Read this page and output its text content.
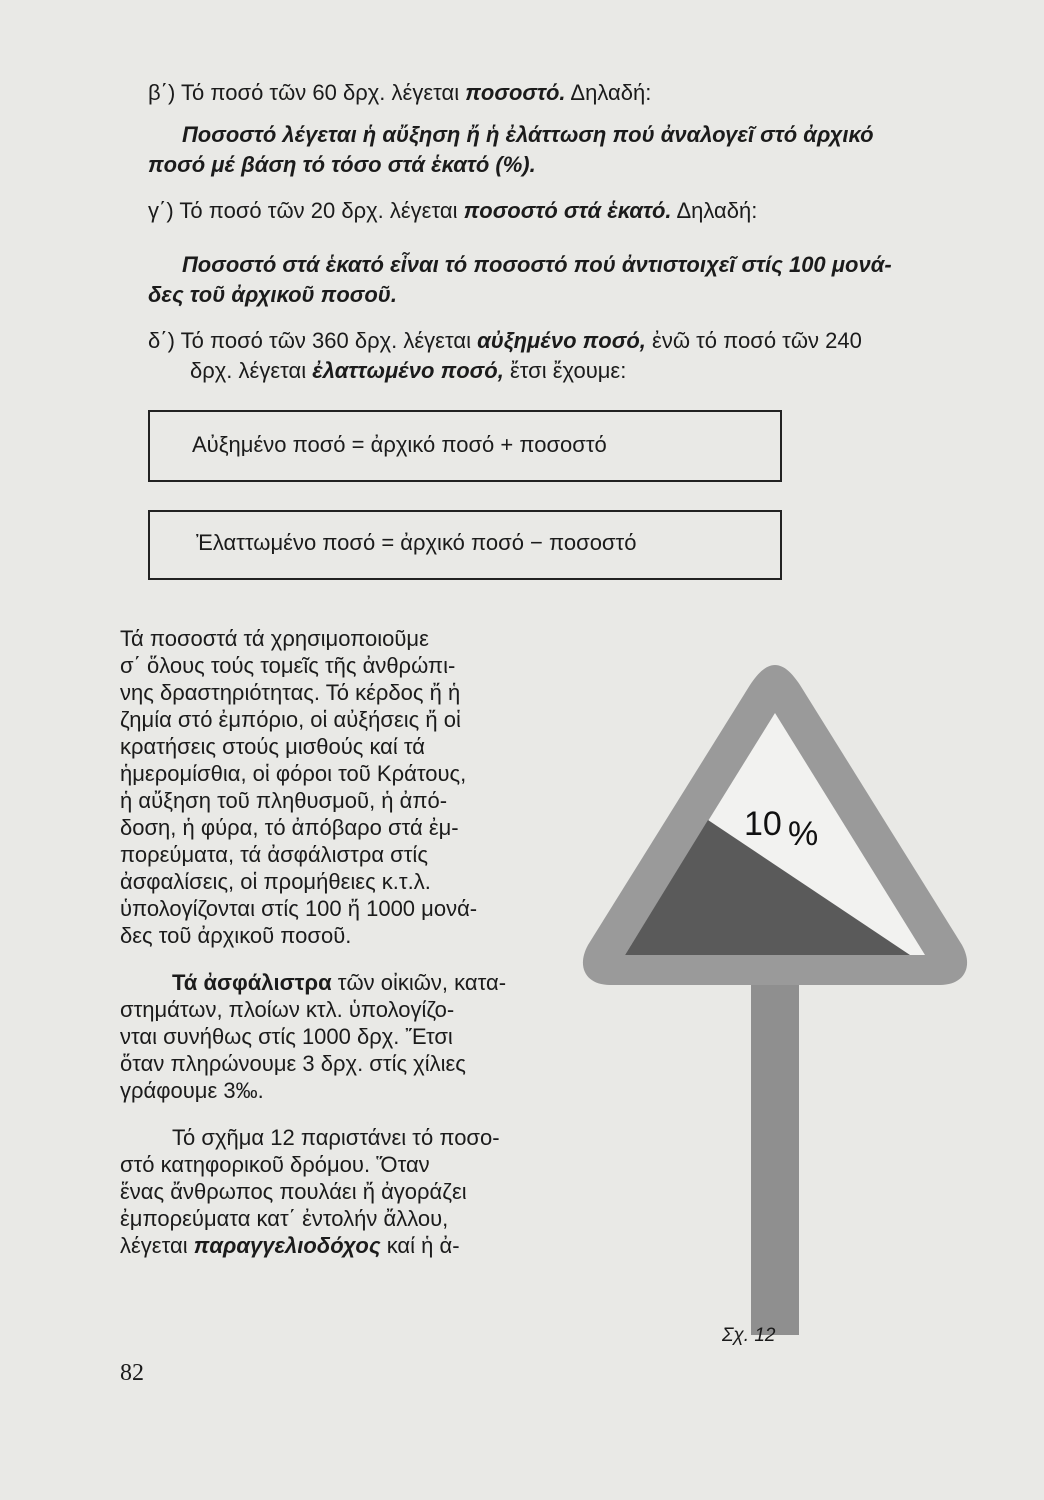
β΄) Τό ποσό τῶν 60 δρχ. λέγεται ποσοστό. Δηλαδή:
Ποσοστό λέγεται ἡ αὔξηση ἤ ἡ ἐλάττωση πού ἀναλογεῖ στό ἀρχικό
ποσό μέ βάση τό τόσο στά ἑκατό (%).
γ΄) Τό ποσό τῶν 20 δρχ. λέγεται ποσοστό στά ἑκατό. Δηλαδή:
Ποσοστό στά ἑκατό εἶναι τό ποσοστό πού ἀντιστοιχεῖ στίς 100 μονά-
δες τοῦ ἀρχικοῦ ποσοῦ.
δ΄) Τό ποσό τῶν 360 δρχ. λέγεται αὐξημένο ποσό, ἐνῶ τό ποσό τῶν 240
δρχ. λέγεται ἐλαττωμένο ποσό, ἔτσι ἔχουμε:
Αὐξημένο ποσό = ἀρχικό ποσό + ποσοστό
Ἐλαττωμένο ποσό = ἀρχικό ποσό − ποσοστό

Τά ποσοστά τά χρησιμοποιοῦμε
σ΄ ὅλους τούς τομεῖς τῆς ἀνθρώπι-
νης δραστηριότητας. Τό κέρδος ἤ ἡ
ζημία στό ἐμπόριο, οἱ αὐξήσεις ἤ οἱ
κρατήσεις στούς μισθούς καί τά
ἡμερομίσθια, οἱ φόροι τοῦ Κράτους,
ἡ αὔξηση τοῦ πληθυσμοῦ, ἡ ἀπό-
δοση, ἡ φύρα, τό ἀπόβαρο στά ἐμ-
πορεύματα, τά ἀσφάλιστρα στίς
ἀσφαλίσεις, οἱ προμήθειες κ.τ.λ.
ὑπολογίζονται στίς 100 ἤ 1000 μονά-
δες τοῦ ἀρχικοῦ ποσοῦ.

Τά ἀσφάλιστρα τῶν οἰκιῶν, κατα-
στημάτων, πλοίων κτλ. ὑπολογίζο-
νται συνήθως στίς 1000 δρχ. Ἔτσι
ὅταν πληρώνουμε 3 δρχ. στίς χίλιες
γράφουμε 3‰.

Τό σχῆμα 12 παριστάνει τό ποσο-
στό κατηφορικοῦ δρόμου. Ὅταν
ἕνας ἄνθρωπος πουλάει ἤ ἀγοράζει
ἐμπορεύματα κατ΄ ἐντολήν ἄλλου,
λέγεται παραγγελιοδόχος καί ἡ ἀ-

10 %
Σχ. 12
82
